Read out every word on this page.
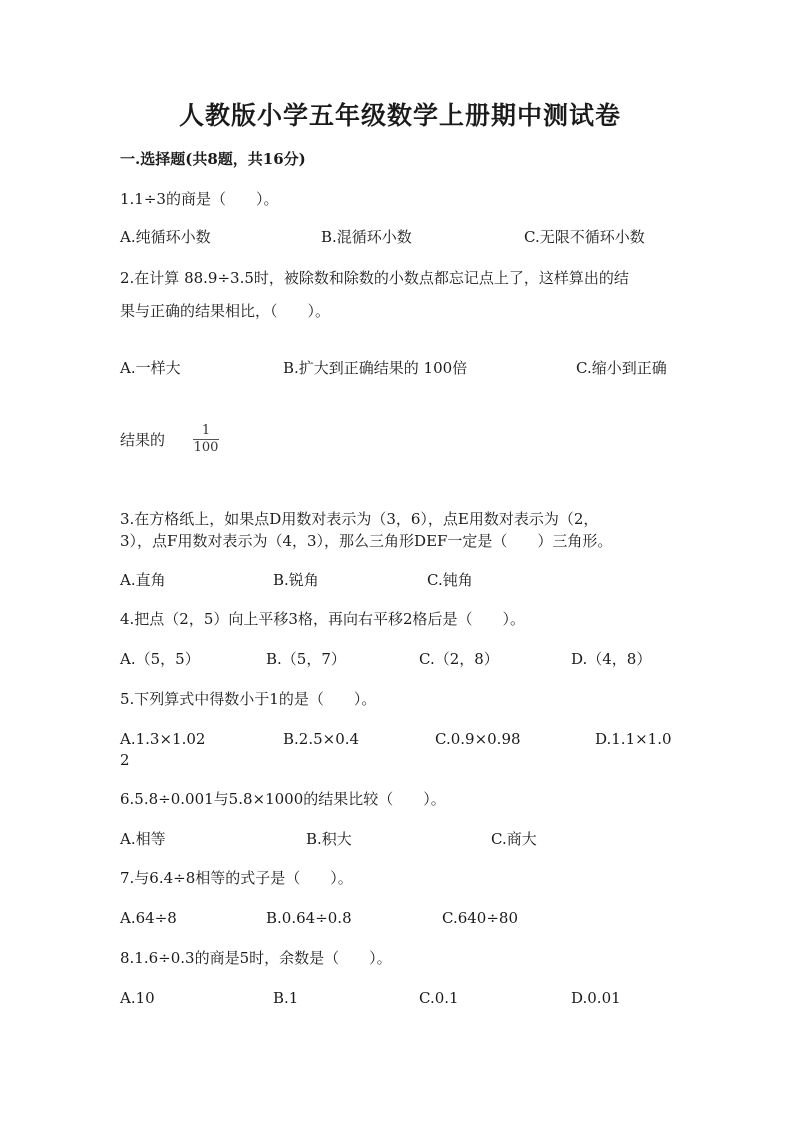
人教版小学五年级数学上册期中测试卷
一.选择题(共8题，共16分)
1.1÷3的商是（　　）。
A.纯循环小数	B.混循环小数	C.无限不循环小数
2.在计算 88.9÷3.5时，被除数和除数的小数点都忘记点上了，这样算出的结
果与正确的结果相比，（　　）。
A.一样大	B.扩大到正确结果的 100倍	C.缩小到正确
结果的
1
100
3.在方格纸上，如果点D用数对表示为（3，6），点E用数对表示为（2，
3），点F用数对表示为（4，3），那么三角形DEF一定是（　　）三角形。
A.直角	B.锐角	C.钝角
4.把点（2，5）向上平移3格，再向右平移2格后是（　　）。
A.（5，5）	B.（5，7）	C.（2，8）	D.（4，8）
5.下列算式中得数小于1的是（　　）。
A.1.3×1.02	B.2.5×0.4	C.0.9×0.98	D.1.1×1.0
2
6.5.8÷0.001与5.8×1000的结果比较（　　）。
A.相等	B.积大	C.商大
7.与6.4÷8相等的式子是（　　）。
A.64÷8	B.0.64÷0.8	C.640÷80
8.1.6÷0.3的商是5时，余数是（　　）。
A.10	B.1	C.0.1	D.0.01
